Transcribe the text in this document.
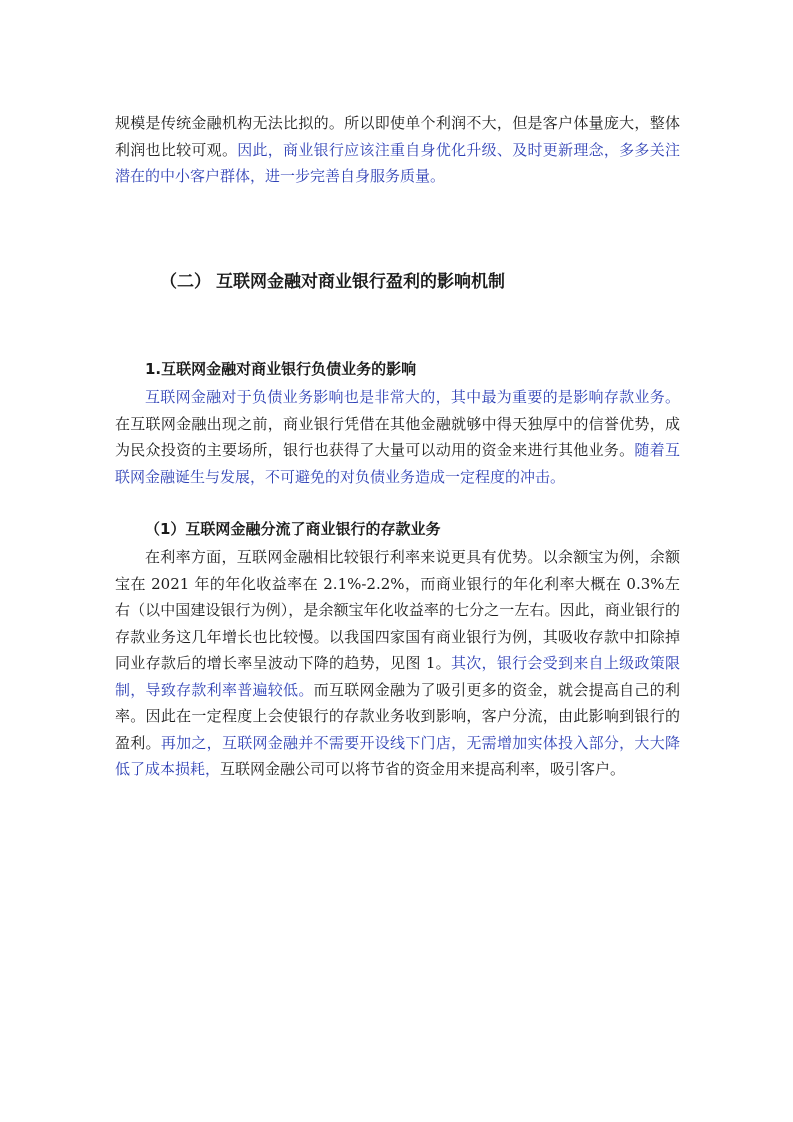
规模是传统金融机构无法比拟的。所以即使单个利润不大，但是客户体量庞大，整体利润也比较可观。因此，商业银行应该注重自身优化升级、及时更新理念，多多关注潜在的中小客户群体，进一步完善自身服务质量。

（二） 互联网金融对商业银行盈利的影响机制
1.互联网金融对商业银行负债业务的影响

互联网金融对于负债业务影响也是非常大的，其中最为重要的是影响存款业务。在互联网金融出现之前，商业银行凭借在其他金融就够中得天独厚中的信誉优势，成为民众投资的主要场所，银行也获得了大量可以动用的资金来进行其他业务。随着互联网金融诞生与发展，不可避免的对负债业务造成一定程度的冲击。

（1）互联网金融分流了商业银行的存款业务

在利率方面，互联网金融相比较银行利率来说更具有优势。以余额宝为例，余额宝在 2021 年的年化收益率在 2.1%-2.2%，而商业银行的年化利率大概在 0.3%左右（以中国建设银行为例），是余额宝年化收益率的七分之一左右。因此，商业银行的存款业务这几年增长也比较慢。以我国四家国有商业银行为例，其吸收存款中扣除掉同业存款后的增长率呈波动下降的趋势，见图 1。其次，银行会受到来自上级政策限制，导致存款利率普遍较低。而互联网金融为了吸引更多的资金，就会提高自己的利率。因此在一定程度上会使银行的存款业务收到影响，客户分流，由此影响到银行的盈利。再加之，互联网金融并不需要开设线下门店，无需增加实体投入部分，大大降低了成本损耗，互联网金融公司可以将节省的资金用来提高利率，吸引客户。
